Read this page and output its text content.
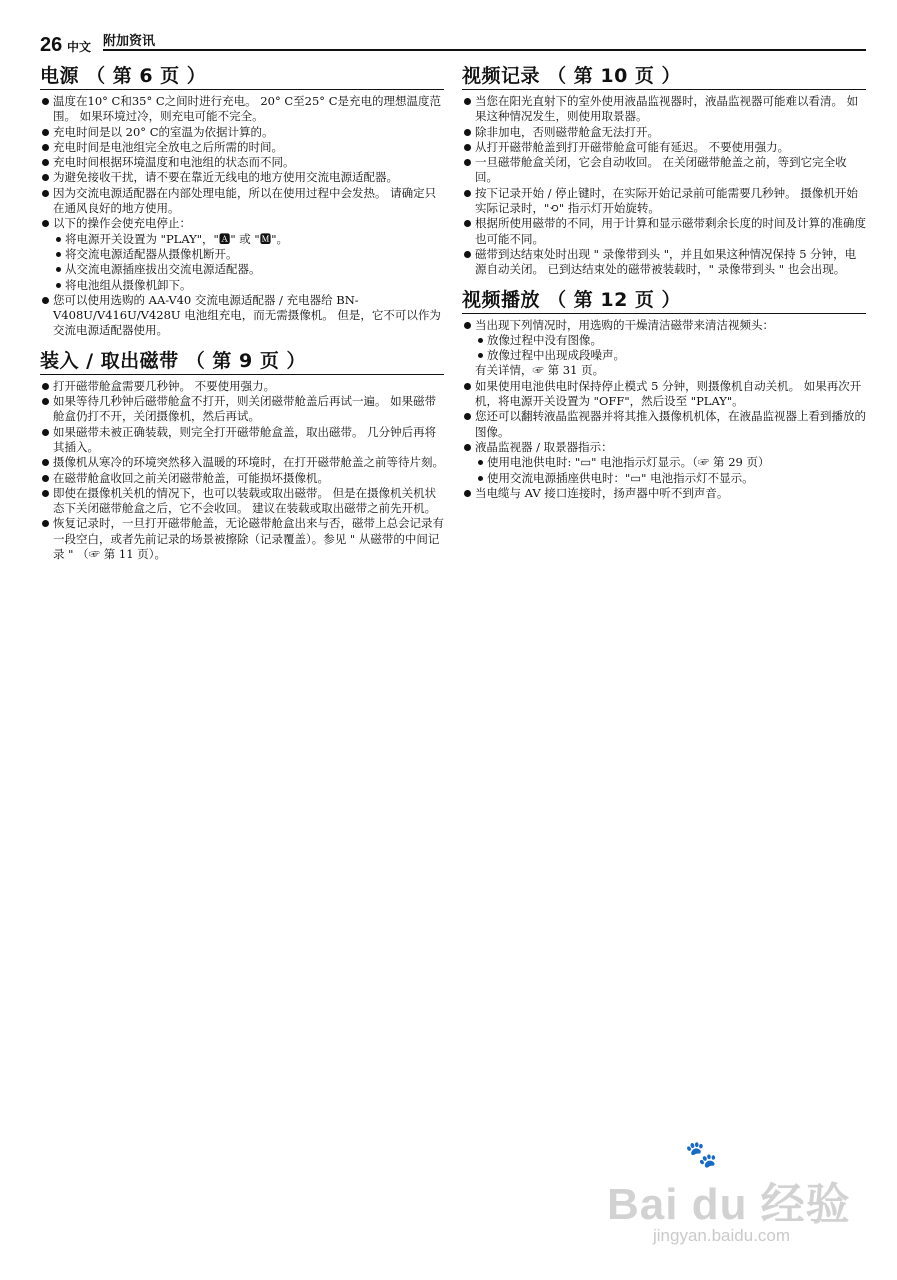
26 中文 附加资讯
电源 （ 第 6 页 ）
温度在10° C和35° C之间时进行充电。 20° C至25° C是充电的理想温度范围。 如果环境过冷，则充电可能不完全。
充电时间是以 20° C的室温为依据计算的。
充电时间是电池组完全放电之后所需的时间。
充电时间根据环境温度和电池组的状态而不同。
为避免接收干扰，请不要在靠近无线电的地方使用交流电源适配器。
因为交流电源适配器在内部处理电能，所以在使用过程中会发热。 请确定只在通风良好的地方使用。
以下的操作会使充电停止：
将电源开关设置为 "PLAY"，"🅰" 或 "🅼"。
将交流电源适配器从摄像机断开。
从交流电源插座拔出交流电源适配器。
将电池组从摄像机卸下。
您可以使用选购的 AA-V40 交流电源适配器 / 充电器给 BN-V408U/V416U/V428U 电池组充电，而无需摄像机。 但是，它不可以作为交流电源适配器使用。
装入 / 取出磁带 （ 第 9 页 ）
打开磁带舱盒需要几秒钟。 不要使用强力。
如果等待几秒钟后磁带舱盒不打开，则关闭磁带舱盖后再试一遍。 如果磁带舱盒仍打不开，关闭摄像机，然后再试。
如果磁带未被正确装载，则完全打开磁带舱盒盖，取出磁带。 几分钟后再将其插入。
摄像机从寒冷的环境突然移入温暖的环境时，在打开磁带舱盖之前等待片刻。
在磁带舱盒收回之前关闭磁带舱盖，可能损坏摄像机。
即使在摄像机关机的情况下，也可以装载或取出磁带。 但是在摄像机关机状态下关闭磁带舱盒之后，它不会收回。 建议在装载或取出磁带之前先开机。
恢复记录时，一旦打开磁带舱盖，无论磁带舱盒出来与否，磁带上总会记录有一段空白，或者先前记录的场景被擦除（记录覆盖）。参见 " 从磁带的中间记录 " （☞ 第 11 页）。
视频记录 （ 第 10 页 ）
当您在阳光直射下的室外使用液晶监视器时，液晶监视器可能难以看清。 如果这种情况发生，则使用取景器。
除非加电，否则磁带舱盒无法打开。
从打开磁带舱盖到打开磁带舱盒可能有延迟。 不要使用强力。
一旦磁带舱盒关闭，它会自动收回。 在关闭磁带舱盖之前，等到它完全收回。
按下记录开始 / 停止键时，在实际开始记录前可能需要几秒钟。 摄像机开始实际记录时，"⟲" 指示灯开始旋转。
根据所使用磁带的不同，用于计算和显示磁带剩余长度的时间及计算的准确度也可能不同。
磁带到达结束处时出现 " 录像带到头 "，并且如果这种情况保持 5 分钟，电源自动关闭。 已到达结束处的磁带被装载时，" 录像带到头 " 也会出现。
视频播放 （ 第 12 页 ）
当出现下列情况时，用选购的干燥清洁磁带来清洁视频头：
放像过程中没有图像。
放像过程中出现成段噪声。
有关详情，☞ 第 31 页。
如果使用电池供电时保持停止模式 5 分钟，则摄像机自动关机。 如果再次开机，将电源开关设置为 "OFF"，然后设至 "PLAY"。
您还可以翻转液晶监视器并将其推入摄像机机体，在液晶监视器上看到播放的图像。
液晶监视器 / 取景器指示：
使用电池供电时: "▭" 电池指示灯显示。（☞ 第 29 页）
使用交流电源插座供电时："▭" 电池指示灯不显示。
当电缆与 AV 接口连接时，扬声器中听不到声音。
🐾
Bai du 经验
jingyan.baidu.com
